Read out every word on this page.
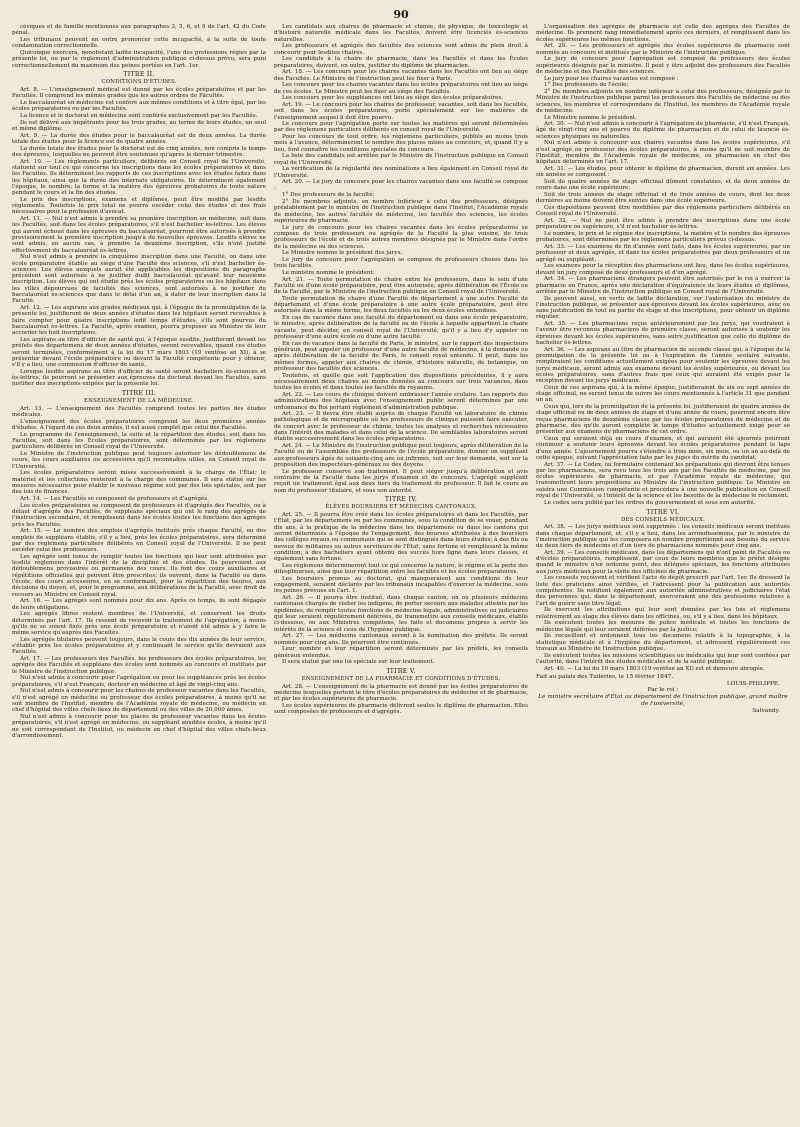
90

céviques et de famille mentionnés aux paragraphes 3, 5, 6, et 8 de l'art. 42 du Code pénal.

Les tribunaux peuvent en outre prononcer cette incapacité, à la suite de toute condamnation correctionnelle.

Quiconque exercera, nonobstant ladite incapacité, l'une des professions régies par la présente loi, ou par le règlement d'administration publique ci-dessus prévu, sera puni correctionnellement du maximum des peines portées en l'art. 1er.

TITRE II.
CONDITIONS D'ÉTUDES.

Art. 8. — L'enseignement médical est donné par les écoles préparatoires et par les Facultés. Il comprend les mêmes grades que les autres ordres de Facultés.

Le baccalauréat en médecine est conféré aux mêmes conditions et à titre égal, par les écoles préparatoires ou par les Facultés.

La licence et le doctorat en médecine sont conférés exclusivement par les Facultés.

Ils est délivré aux impétrants pour les trois grades, au terme de leurs études, un seul et même diplôme.

Art. 9. — La durée des études pour le baccalauréat est de deux années. La durée totale des études pour la licence est de quatre années.

La durée totale des études pour le doctorat est de cinq années, non compris le temps des épreuves, lesquelles ne peuvent être soutenues qu'après le dernier trimestre.

Art. 10. — Les règlements particuliers, délibérés en Conseil royal de l'Université, statuent sur tout ce qui concerne les inscriptions dans les écoles préparatoires et dans les Facultés. Ils déterminent les rapports de ces inscriptions avec les études faites dans les hôpitaux, ainsi que la durée des internats obligatoires. Ils déterminent également l'époque, le nombre, la forme et la matière des épreuves probatoires de toute nature pendant le cours et la fin des études.

Le prix des inscriptions, examens et diplômes, peut être modifié par lesdits règlements. Toutefois le prix total ne pourra excéder celui des études et des frais nécessaires pour la profession d'avocat.

Art. 11. — Nul n'est admis à prendre sa première inscription en médecine, soit dans les Facultés, soit dans les écoles préparatoires, s'il n'est bachelier ès-lettres. Les élèves qui auront échoué dans les épreuves du baccalauréat, pourront être autorisés à prendre provisoirement la première inscription jusqu'à de nouvelles épreuves. Lesdits élèves ne sont admis, en aucun cas, à prendre la deuxième inscription, s'ils n'ont justifié effectivement du baccalauréat ès-lettres.

Nul n'est admis à prendre la cinquième inscription dans une Faculté, ou dans une école préparatoire établie au siège d'une Faculté des sciences, s'il n'est bachelier ès-sciences. Les élèves auxquels aurait été applicables les dispositions du paragraphe précédent sont autorisés à ne justifier dudit baccalauréat qu'avant leur neuvième inscription. Les élèves qui ont étudié près les écoles préparatoires ou les hôpitaux dans les villes dépourvues de facultés des sciences, sont autorisés à ne justifier du baccalauréat ès-sciences que dans le délai d'un an, à dater de leur inscription dans la Faculté.

Art. 12. — Les aspirans aux grades médicaux qui, à l'époque de la promulgation de la présente loi, justifieront de deux années d'études dans les hôpitaux seront recevables à faire compter pour quatre inscriptions ledit temps d'études, s'ils sont pourvus du baccalauréat ès-lettres. La Faculté, après examen, pourra proposer au Ministre de leur accorder les huit inscriptions.

Les aspirans au titre d'officier de santé qui, à l'époque susdite, justifieront devant les préfets des départemens de deux années d'études, seront recevables, quand ces études seront terminées, conformément à la loi du 17 mars 1803 (19 ventôse an XI), à se présenter devant l'école préparatoire ou devant la Faculté compétente pour y obtenir, s'il y a lieu, une commission d'officier de santé.

Lorsque lesdits aspirans au titre d'officier de santé seront bacheliers ès-sciences et ès-lettres, ils pourront se présenter aux épreuves du doctorat devant les Facultés, sans justifier des inscriptions exigées par la présente loi.

TITRE III.
ENSEIGNEMENT DE LA MÉDECINE.

Art. 13. — L'enseignement des Facultés comprend toutes les parties des études médicales.

L'enseignement des écoles préparatoires comprend les deux premières années d'études. A l'égard de ces deux années, il est aussi complet que celui des Facultés.

Le programme de l'enseignement, la suite et la répartition des études, soit dans les Facultés, soit dans les Écoles préparatoires, sont déterminés par les règlemens particuliers délibérés en Conseil royal de l'Université.

Le Ministre de l'instruction publique peut toujours autoriser les dédoublemens de cours, les cours auxiliaires ou accessoires qu'il reconnaîtra utiles, en Conseil royal de l'Université.

Les écoles préparatoires seront mises successivement à la charge de l'État; le matériel et les collections resteront à la charge des communes. Il sera statué sur les mesures nécessaires pour établir le nouveau régime soit par des lois spéciales, soit par des lois de finances.

Art. 14. — Les Facultés se composent de professeurs et d'agrégés.

Les écoles préparatoires se composent de professeurs et d'agrégés des Facultés, ou à défaut d'agrégés des Facultés, de suppléans spéciaux qui ont le rang des agrégés de l'instruction secondaire, et remplissent dans les écoles toutes les fonctions des agrégés près les Facultés.

Art. 15. — Le nombre des emplois d'agrégés institués près chaque Faculté, ou des emplois de suppléans établis, s'il y a lieu, près les écoles préparatoires, sera déterminé par des règlemens particuliers délibérés en Conseil royal de l'Université. Il ne peut excéder celui des professeurs.

Les agrégés sont tenus de remplir toutes les fonctions qui leur sont attribuées par lesdits règlemens dans l'intérêt de la discipline et des études. Ils pourvoient aux dédoublemens provisoires ou permanens des cours. Ils font des cours auxiliaires et répétitions officielles qui peuvent être prescrites; ils ouvrent, dans la Faculté ou dans l'école, des cours accessoires, en se conformant, pour la répartition des heures, aux décisions du doyen, et, pour le programme, aux délibérations de la Faculté, avec droit de recours au Ministre en Conseil royal.

Art. 16. — Les agrégés sont nommés pour dix ans. Après ce temps, ils sont dégagés de leurs obligations.

Les agrégés libres restent membres de l'Université, et conservent les droits déterminés par l'art. 17. Ils cessent de recevoir le traitement de l'agrégation, à moins qu'ils ne se soient fixés près une école préparatoire et n'aient été admis à y faire le même service qu'auprès des Facultés.

Les agrégés titulaires peuvent toujours, dans le cours des dix années de leur service, s'établir près les écoles préparatoires et y continuant le service qu'ils devraient aux Facultés.

Art. 17. — Les professeurs des Facultés, les professeurs des écoles préparatoires, les agrégés des Facultés et suppléans des écoles sont nommés au concours et institués par le Ministre de l'instruction publique.

Nul n'est admis à concourir pour l'agrégation ou pour les suppléances près les écoles préparatoires, s'il n'est Français, docteur en médecine et âgé de vingt-cinq ans.

Nul n'est admis à concourir pour les chaires de professeur vacantes dans les Facultés, s'il n'est agrégé en médecine ou professeur des écoles préparatoires, à moins qu'il ne soit membre de l'Institut, membre de l'Académie royale de médecine, ou médecin en chef d'hôpital des villes chefs-lieux de département ou des villes de 20,000 âmes.

Nul n'est admis à concourir pour les places de professeur vacantes dans les écoles préparatoires, s'il n'est agrégé en médecine, ou suppléant auxdites écoles, à moins qu'il ne soit correspondant de l'Institut, ou médecin en chef d'hôpital des villes chefs-lieux d'arrondissement.

Les candidats aux chaires de pharmacie et chimie, de physique, de toxicologie et d'histoire naturelle médicale dans les Facultés, doivent être licenciés ès-sciences naturelles.

Les professeurs et agrégés des facultés des sciences sont admis de plein droit à concourir pour lesdites chaires.

Les candidats à la chaire de pharmacie, dans les Facultés et dans les Écoles préparatoires, doivent, en outre, justifier du diplôme de pharmacien.

Art. 18. — Les concours pour les chaires vacantes dans les Facultés ont lieu au siège des Facultés. Le Ministre de l'instruction peut les fixer à Paris.

Les concours pour les chaires vacantes dans les écoles préparatoires ont lieu au siège de ces écoles. Le Ministre peut les fixer au siège des Facultés.

Les concours pour les suppléances ont lieu au siège des écoles préparatoires.

Art. 19. — Le concours pour les chaires de professeur, vacantes, soit dans les facultés, soit dans les écoles préparatoires, porte spécialement sur les matières de l'enseignement auquel il doit être pourvu.

Le concours pour l'agrégation porte sur toutes les matières qui seront déterminées par des règlemens particuliers délibérés en conseil royal de l'Université.

Pour les concours de tout ordre, les règlemens particuliers, publiés au moins trois mois à l'avance, détermineront le nombre des places mises au concours, et, quand il y a lieu, font connaître les conditions spéciales du concours.

La liste des candidats est arrêtée par le Ministre de l'instruction publique en Conseil royal de l'Université.

La vérification de la régularité des nominations a lieu également en Conseil royal de l'Université.

Art. 20. — Le jury de concours pour les chaires vacantes dans une faculté se compose :

1° Des professeurs de la faculté;

2° De membres adjoints, en nombre inférieur à celui des professeurs, désignés préalablement par le ministre de l'instruction publique dans l'Institut, l'Académie royale de médecine, les autres facultés de médecine, les facultés des sciences, les écoles supérieures de pharmacie.

Le jury de concours pour les chaires vacantes dans les écoles préparatoires se compose de trois professeurs ou agrégés de la Faculté la plus voisine, de trois professeurs de l'école et de trois autres membres désignés par le Ministre dans l'ordre de la médecine ou des sciences.

Le Ministre nomme le président des jurys.

Le jury de concours pour l'agrégation se compose de professeurs choisis dans les trois facultés.

Le ministre nomme le président.

Art. 21. — Toute permutation de chaire entre les professeurs, dans le sein d'une Faculté ou d'une école préparatoire, peut être autorisée, après délibération de l'École ou de la Faculté, par le Ministre de l'instruction publique en Conseil royal de l'Université.

Toute permutation de chaire d'une Faculté de département à une autre Faculté de département et d'une école préparatoire à une autre école préparatoire, peut être autorisée dans la même forme, les deux facultés ou les deux écoles entendues.

En cas de vacance dans une faculté du département ou dans une école préparatoire, le ministre, après délibération de la faculté ou de l'école à laquelle appartient la chaire vacante, peut décider, en conseil royal de l'Université, qu'il y a lieu d'y appeler un professeur d'une autre école ou d'une autre faculté.

En cas de vacance dans la faculté de Paris, le ministre, sur le rapport des inspecteurs généraux, peut appeler un professeur d'une autre faculté de médecine, à la demande ou après délibération de la faculté de Paris, le conseil royal entendu. Il peut, dans les mêmes formes, appeler aux chaires de chimie, d'histoire naturelle, de botanique, un professeur des facultés des sciences.

Toutefois, et quelle que soit l'application des dispositions précédentes, il y aura nécessairement deux chaires au moins données au concours sur trois vacances, dans toutes les écoles et dans toutes les facultés du royaume.

Art. 22. — Les cours de clinique doivent embrasser l'année scolaire. Les rapports des administrations des hôpitaux avec l'enseignement public seront déterminés par une ordonnance du Roi portant règlement d'administration publique.

Art. 23. — Il devra être établi auprès de chaque Faculté un laboratoire de chimie pathologique et de micrographie où les professeurs de clinique puissent faire exécuter, de concert avec le professeur de chimie, toutes les analyses et recherches nécessaires dans l'intérêt des malades et dans celui de la science. De semblables laboratoires seront établis successivement dans les écoles préparatoires.

Art. 24. — Le Ministre de l'instruction publique peut toujours, après délibération de la Faculté ou de l'assemblée des professeurs de l'école préparatoire, donner un suppléant aux professeurs âgés de soixante-cinq ans ou infirmes, soit sur leur demande, soit sur la proposition des inspecteurs-généraux ou des doyens.

Le professeur conserve son traitement. Il peut siéger jusqu'à délibération et avis contraire de la Faculté dans les jurys d'examen et de concours. L'agrégé suppléant reçoit un traitement égal aux deux tiers du traitement du professeur. Il fait le cours au nom du professeur titulaire, et sous son autorité.

TITRE IV.
ÉLÈVES BOURSIERS ET MÉDECINS CANTONAUX.

Art. 25. — Il pourra être créé dans les écoles préparatoires et dans les Facultés, par l'État, par les départemens ou par les communes, sous la condition de se vouer, pendant dix ans, à la pratique de la médecine dans les départemens ou dans les cantons qui seront déterminés à l'époque de l'engagement, des bourses attribuées à des boursiers des collèges royaux ou communaux qui se sont distingués dans leurs études; à des fils ou neveux de militaires ou autres serviteurs de l'État, sans fortune et remplissant la même condition; à des bacheliers ayant obtenu des succès hors ligne dans leurs classes, et également sans fortune.

Les règlemens détermineront tout ce qui concerne la nature, le régime et la perte des ditespbourses, ainsi que leur répartition entre les facultés et les écoles préparatoires.

Les boursiers promus au doctorat, qui manqueraient aux conditions de leur engagement, seraient déclarés par les tribunaux incapables d'exercer la médecine, sous les peines prévues en l'art. 1.

Art. 26. — Il pourra être institué, dans chaque canton, un ou plusieurs médecins cantonaux chargés de visiter les indigens, de porter secours aux malades atteints par les épidémies, de remplir toutes fonctions de médecine légale, administratives ou judiciaires qui leur seraient régulièrement déférées, de transmettre aux conseils médicaux, établis ci-dessous, ou aux Ministres compétens, les faits et documens propres à servir les intérêts de la science et ceux de l'hygiène publique.

Art. 27. — Les médecins cantonaux seront à la nomination des préfets. Ils seront nommés pour cinq ans. Ils pourront être continués.

Leur nombre et leur répartition seront déterminés par les préfets, les conseils généraux entendus.

Il sera statué par une loi spéciale sur leur traitement.

TITRE V.
ENSEIGNEMENT DE LA PHARMACIE ET CONDITIONS D'ÉTUDES.

Art. 28. — L'enseignement de la pharmacie est donné par les écoles préparatoires de médecine lesquelles portent le titre d'écoles préparatoires de médecine et de pharmacie, et par les écoles supérieures de pharmacie.

Les écoles supérieures de pharmacie délivrent seules le diplôme de pharmacien. Elles sont composées de professeurs et d'agrégés.

L'organisation des agrégés de pharmacie est celle des agrégés des Facultés de médecine. Ils prennent rang immédiatement après ces derniers, et remplissent dans les écoles supérieures les mêmes fonctions.

Art. 29. — Les professeurs et agrégés des écoles supérieures de pharmacie sont nommés au concours et institués par le Ministre de l'instruction publique.

Le jury de concours pour l'agrégation est composé de professeurs des écoles supérieures désignés par le ministre. Il peut y être adjoint des professeurs des Facultés de médecine et des Facultés des sciences.

Le jury pour les chaires vacantes est composé :

1° Des professeurs de l'école;

2° De membres adjoints en nombre inférieur à celui des professeurs, désignés par le Ministre de l'instruction publique parmi les professeurs des Facultés de médecine ou des sciences, les membres et correspondans de l'Institut, les membres de l'Académie royale de médecine.

Le Ministre nomme le président.

Art. 30. — Nul n'est admis à concourir à l'agrégation de pharmacie, s'il n'est Français, âgé de vingt-cinq ans et pourvu du diplôme de pharmacien et de celui de licencié ès-sciences physiques ou naturelles.

Nul n'est admis à concourir aux chaires vacantes dans les écoles supérieures, s'il n'est agrégé ou professeur des écoles préparatoires, à moins qu'il ne soit membre de l'Institut, membre de l'Académie royale de médecine, ou pharmacien en chef des hôpitaux déterminés en l'art. 17.

Art. 31. — Les études, pour obtenir le diplôme de pharmacien, durent six années. Les six années se composent :

Soit de quatre années de stage officinal dûment constatées, et de deux années de cours dans une école supérieure;

Soit de trois années de stage officinal et de trois années de cours, dont les deux dernières au moins doivent être suivies dans une école supérieure.

Ces dispositions peuvent être modifiées par des règlemens particuliers délibérés en Conseil royal de l'Université.

Art. 32. — Nul ne peut être admis à prendre des inscriptions dans une école préparatoire ou supérieure, s'il n'est bachelier ès-lettres.

Le nombre, le prix et le régime des inscriptions, la matière et le nombre des épreuves probatoires, sont déterminés par les règlemens particuliers prévus ci-dessus.

Art. 33. — Les examens de fin d'année sont faits, dans les écoles supérieures, par un professeur et deux agrégés, et dans les écoles préparatoires par deux professeurs et un agrégé ou suppléant.

Les examens pour la réception des pharmaciens ont lieu, dans les écoles supérieures, devant un jury composé de deux professeurs et d'un agrégé.

Art. 34. — Les pharmaciens étrangers peuvent être autorisés par le roi à exercer la pharmacie en France, après une déclaration d'équivalence de leurs études et diplômes, arrêtée par le Ministre de l'instruction publique en Conseil royal de l'Université.

Ils peuvent aussi, en vertu de ladite déclaration, sur l'autorisation du ministre de l'instruction publique, se présenter aux épreuves devant les écoles supérieures, avec ou sans justification de tout ou partie du stage et des inscriptions, pour obtenir un diplôme régulier.

Art. 35. — Les pharmaciens reçus antérieurement par les jurys, qui voudraient à l'avenir être reconnus pharmaciens de première classe, seront autorisés à soutenir les épreuves devant les écoles supérieures, sans autre justification que celle du diplôme de bachelier ès-lettres.

Art. 36. — Les aspirans au titre de pharmacien de seconde classe qui, à l'époque de la promulgation de la présente loi ou à l'expiration de l'année scolaire suivante, rempliraient les conditions actuellement exigées pour soutenir les épreuves devant les jurys médicaux, seront admis aux examens devant les écoles supérieures, ou devant les écoles préparatoires, sans d'autres frais que ceux qui auraient été exigés pour la réception devant les jurys médicaux.

Ceux de ces aspirans qui, à la même époque, justifieraient de six ou sept années de stage officinal, ne seront tenus de suivre les cours mentionnés à l'article 31 que pendant un an.

Ceux qui, lors de la promulgation de la présente loi, justifieraient de quatre années de stage officinal ou de deux années de stage et d'une année de cours, pourront encore être reçus pharmaciens de deuxième classe par les écoles préparatoires de médecine et de pharmacie, dès qu'ils auront complété le temps d'études actuellement exigé pour se présenter aux examens de pharmaciens de cet ordre.

Ceux qui seraient déjà en cours d'examen, et qui auraient été ajournés pourront continuer à soutenir leurs épreuves devant les écoles préparatoires pendant le laps d'une année. L'ajournement pourra s'étendre à trois mois, six mois, ou un an au-delà de cette époque, suivant l'appréciation faite par les juges du mérite du candidat.

Art. 37. — Le Codex, ou formulaire contenant les préparations qui devront être tenues par les pharmaciens, sera revu tous les trois ans par les Facultés de médecine, par les écoles supérieures de pharmacie, et par l'Académie royale de médecine, qui transmettront leurs propositions au Ministre de l'instruction publique. Le Ministre en saisira une Commission compétente et procédera à une nouvelle publication en Conseil royal de l'Université, si l'intérêt de la science et les besoins de la médecine le réclament.

Le codex sera publié par les ordres du gouvernement et sous son autorité.

TITRE VI.
DES CONSEILS MÉDICAUX.

Art. 38. — Les jurys médicaux sont supprimés : les conseils médicaux seront institués dans chaque département, et, s'il y a lieu, dans les arrondissemens, par le ministre de l'instruction publique qui les composera en nombre proportionné aux besoins du service de deux tiers de médecins et d'un tiers de pharmaciens nommés pour cinq ans.

Art. 39. — Les conseils médicaux, dans les départemens qui n'ont point de Facultés ou d'écoles préparatoires, remplissent, par ceux de leurs membres que le préfet désigne quand le ministre n'en ordonne point, des délégués spéciaux, les fonctions attribuées aux jurys médicaux pour la visite des officines de pharmacie.

Les conseils reçoivent et vérifient l'acte de dépôt prescrit par l'art. 1er. Ils dressent la liste des praticiens ainsi vérifiés, et l'adressent pour la publication aux autorités compétentes. Ils notifient également aux autorités administratives et judiciaires l'état des personnes qui, dans le département, exerceraient une des professions relatives à l'art de guérir sans titre légal;

Ils exercent les attributions qui leur sont données par les lois et règlemens relativement au stage des élèves dans les officines, ou, s'il y a lieu, dans les hôpitaux.

Ils exécutent toutes les mesures de police médicale et toutes les fonctions de médecine légale qui leur seraient déférées par la justice;

Ils recueillent et ordonnent tous les documens relatifs à la topographie, à la statistique médicale et à l'hygiène du département, et adressent régulièrement ces travaux au Ministre de l'instruction publique.

Ils exécutent toutes les missions scientifiques ou médicales qui leur sont confiées par l'autorité, dans l'intérêt des études médicales et de la santé publique.

Art. 40. — La loi du 10 mars 1803 (19 ventôse an XI) est et demeure abrogée.

Fait au palais des Tuileries, le 15 février 1847.
LOUIS-PHILIPPE.
Par le roi :
Le ministre secrétaire d'État au département de l'instruction publique, grand maître de l'université,
Salvandy.
